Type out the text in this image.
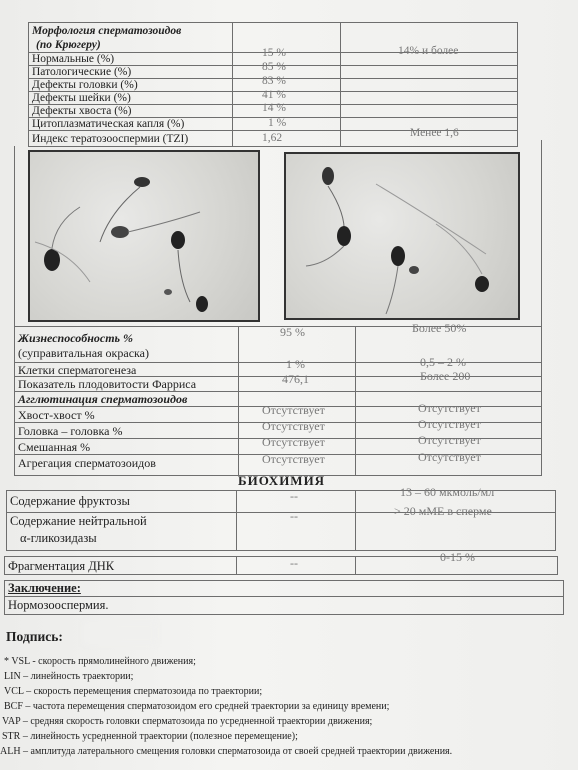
Морфология сперматозоидов
(по Крюгеру)
Нормальные (%)	15 %	14% и более
Патологические (%)	85 %
Дефекты головки (%)	83 %
Дефекты шейки (%)	41 %
Дефекты хвоста (%)	14 %
Цитоплазматическая капля (%)	1 %
Индекс тератозооспермии (TZI)	1,62	Менее 1,6
Жизнеспособность %
(суправитальная окраска)
95 %	Более 50%
Клетки сперматогенеза	1 %	0,5 – 2 %
Показатель плодовитости Фарриса	476,1	Более 200
Агглютинация сперматозоидов
Хвост-хвост %	Отсутствует	Отсутствует
Головка – головка %	Отсутствует	Отсутствует
Смешанная %	Отсутствует	Отсутствует
Агрегация сперматозоидов	Отсутствует	Отсутствует
БИОХИМИЯ
Содержание фруктозы	--	13 – 60 мкмоль/мл
Содержание нейтральной
α-гликозидазы
--	> 20 мМЕ в сперме
Фрагментация ДНК	--	0-15 %
Заключение:
Нормозооспермия.
Подпись:
* VSL - скорость прямолинейного движения;
LIN – линейность траектории;
VCL – скорость перемещения сперматозоида по траектории;
BCF – частота перемещения сперматозоидом его средней траектории за единицу времени;
VAP – средняя скорость головки сперматозоида по усредненной траектории движения;
STR – линейность усредненной траектории (полезное перемещение);
ALH – амплитуда латерального смещения головки сперматозоида от своей средней траектории движения.
